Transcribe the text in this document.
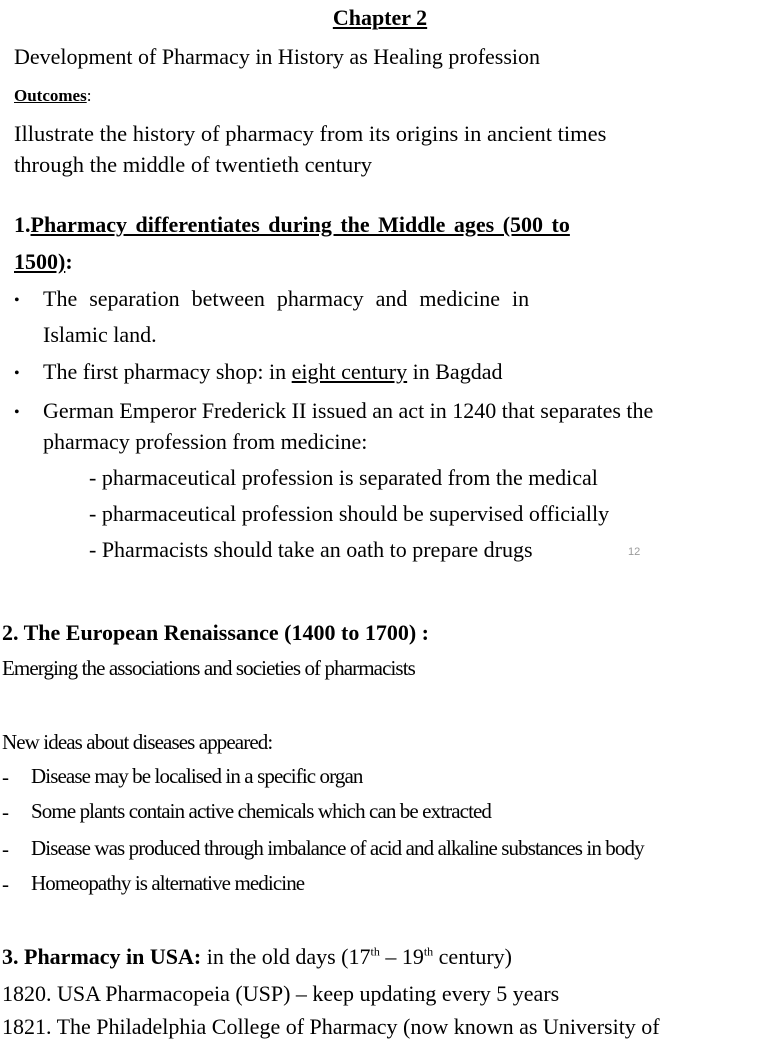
Chapter 2
Development of Pharmacy in History as Healing profession
Outcomes:
Illustrate the history of pharmacy from its origins in ancient times
through the middle of twentieth century
1.Pharmacy differentiates during the Middle ages (500 to
1500):
• The separation between pharmacy and medicine in
Islamic land.
• The first pharmacy shop: in eight century in Bagdad
• German Emperor Frederick II issued an act in 1240 that separates the
pharmacy profession from medicine:
- pharmaceutical profession is separated from the medical
- pharmaceutical profession should be supervised officially
- Pharmacists should take an oath to prepare drugs	12
2. The European Renaissance (1400 to 1700) :
Emerging the associations and societies of pharmacists
New ideas about diseases appeared:
- Disease may be localised in a specific organ
- Some plants contain active chemicals which can be extracted
- Disease was produced through imbalance of acid and alkaline substances in body
- Homeopathy is alternative medicine
3. Pharmacy in USA: in the old days (17th – 19th century)
1820. USA Pharmacopeia (USP) – keep updating every 5 years
1821. The Philadelphia College of Pharmacy (now known as University of
